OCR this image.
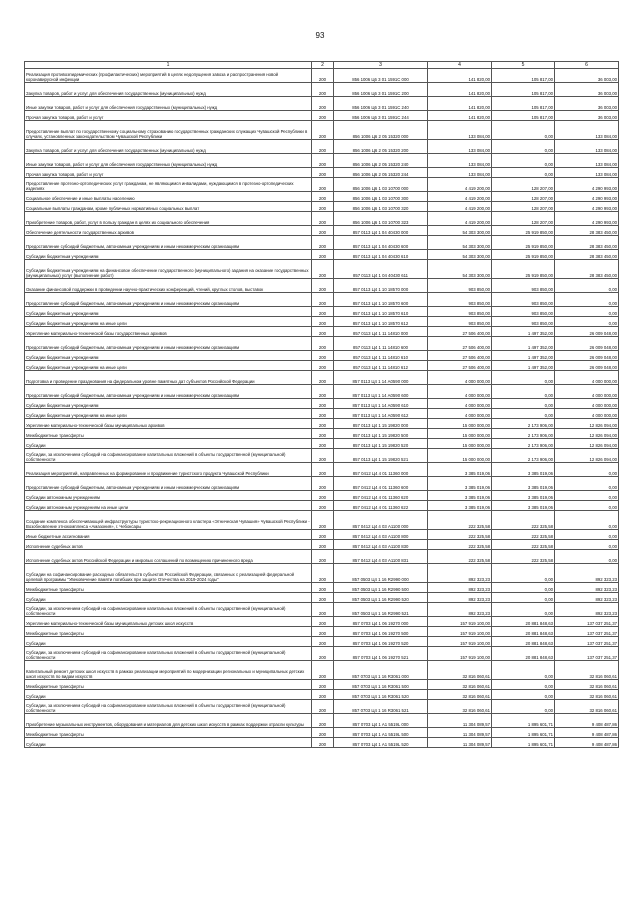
93
1	2	3	4	5	6
Реализация противоэпидемических (профилактических) мероприятий в целях недопущения завоза и распространения новой коронавирусной инфекции	200	856 1006 Ц6 3 01 1591C 000	141 820,00	105 817,00	36 003,00
Закупка товаров, работ и услуг для обеспечения государственных (муниципальных) нужд	200	856 1006 Ц6 3 01 1591C 200	141 820,00	105 817,00	36 003,00
Иные закупки товаров, работ и услуг для обеспечения государственных (муниципальных) нужд	200	856 1006 Ц6 3 01 1591C 240	141 820,00	105 817,00	36 003,00
Прочая закупка товаров, работ и услуг	200	856 1006 Ц6 3 01 1591C 244	141 820,00	105 817,00	36 003,00
Предоставление выплат по государственному социальному страхованию государственных гражданских служащих Чувашской Республики в случаях, установленных законодательством Чувашской Республики	200	856 1006 Ц6 2 05 15320 000	133 084,00	0,00	133 084,00
Закупка товаров, работ и услуг для обеспечения государственных (муниципальных) нужд	200	856 1006 Ц6 2 05 15320 200	133 084,00	0,00	133 084,00
Иные закупки товаров, работ и услуг для обеспечения государственных (муниципальных) нужд	200	856 1006 Ц6 2 05 15320 240	133 084,00	0,00	133 084,00
Прочая закупка товаров, работ и услуг	200	856 1006 Ц6 2 05 15320 244	133 084,00	0,00	133 084,00
Предоставление протезно-ортопедических услуг гражданам, не являющимся инвалидами, нуждающимся в протезно-ортопедических изделиях	200	856 1006 Ц6 1 03 10700 000	4 419 200,00	128 207,00	4 290 993,00
Социальное обеспечение и иные выплаты населению	200	856 1006 Ц6 1 03 10700 300	4 419 200,00	128 207,00	4 290 993,00
Социальные выплаты гражданам, кроме публичных нормативных социальных выплат	200	856 1006 Ц6 1 03 10700 320	4 419 200,00	128 207,00	4 290 993,00
Приобретение товаров, работ, услуг в пользу граждан в целях их социального обеспечения	200	856 1006 Ц6 1 03 10700 323	4 419 200,00	128 207,00	4 290 993,00
Обеспечение деятельности государственных архивов	200	857 0113 Ц4 1 04 40430 000	54 303 300,00	25 919 850,00	28 383 450,00
Предоставление субсидий бюджетным, автономным учреждениям и иным некоммерческим организациям	200	857 0113 Ц4 1 04 40430 600	54 303 300,00	25 919 850,00	28 383 450,00
Субсидии бюджетным учреждениям	200	857 0113 Ц4 1 04 40430 610	54 303 300,00	25 919 850,00	28 383 450,00
Субсидии бюджетным учреждениям на финансовое обеспечение государственного (муниципального) задания на оказание государственных (муниципальных) услуг (выполнение работ)	200	857 0113 Ц4 1 04 40430 611	54 303 300,00	25 919 850,00	28 383 450,00
Оказание финансовой поддержки в проведении научно-практических конференций, чтений, круглых столов, выставок	200	857 0113 Ц4 1 10 18570 000	903 850,00	903 850,00	0,00
Предоставление субсидий бюджетным, автономным учреждениям и иным некоммерческим организациям	200	857 0113 Ц4 1 10 18570 600	903 850,00	903 850,00	0,00
Субсидии бюджетным учреждениям	200	857 0113 Ц4 1 10 18570 610	903 850,00	903 850,00	0,00
Субсидии бюджетным учреждениям на иные цели	200	857 0113 Ц4 1 10 18570 612	903 850,00	903 850,00	0,00
Укрепление материально-технической базы государственных архивов	200	857 0113 Ц4 1 11 14810 000	27 506 400,00	1 497 352,00	26 009 048,00
Предоставление субсидий бюджетным, автономным учреждениям и иным некоммерческим организациям	200	857 0113 Ц4 1 11 14810 600	27 506 400,00	1 497 352,00	26 009 048,00
Субсидии бюджетным учреждениям	200	857 0113 Ц4 1 11 14810 610	27 506 400,00	1 497 352,00	26 009 048,00
Субсидии бюджетным учреждениям на иные цели	200	857 0113 Ц4 1 11 14810 612	27 506 400,00	1 497 352,00	26 009 048,00
Подготовка и проведение празднования на федеральном уровне памятных дат субъектов Российской Федерации	200	857 0113 Ц4 1 14 А0590 000	4 000 000,00	0,00	4 000 000,00
Предоставление субсидий бюджетным, автономным учреждениям и иным некоммерческим организациям	200	857 0113 Ц4 1 14 А0590 600	4 000 000,00	0,00	4 000 000,00
Субсидии бюджетным учреждениям	200	857 0113 Ц4 1 14 А0590 610	4 000 000,00	0,00	4 000 000,00
Субсидии бюджетным учреждениям на иные цели	200	857 0113 Ц4 1 14 А0590 612	4 000 000,00	0,00	4 000 000,00
Укрепление материально-технической базы муниципальных архивов	200	857 0113 Ц4 1 15 19820 000	15 000 000,00	2 173 906,00	12 826 094,00
Межбюджетные трансферты	200	857 0113 Ц4 1 15 19820 500	15 000 000,00	2 173 906,00	12 826 094,00
Субсидии	200	857 0113 Ц4 1 15 19820 520	15 000 000,00	2 173 906,00	12 826 094,00
Субсидии, за исключением субсидий на софинансирование капитальных вложений в объекты государственной (муниципальной) собственности	200	857 0113 Ц4 1 15 19820 521	15 000 000,00	2 173 906,00	12 826 094,00
Реализация мероприятий, направленных на формирование и продвижение туристского продукта Чувашской Республики	200	857 0412 Ц4 4 01 11360 000	3 385 019,06	3 385 019,06	0,00
Предоставление субсидий бюджетным, автономным учреждениям и иным некоммерческим организациям	200	857 0412 Ц4 4 01 11360 600	3 385 019,06	3 385 019,06	0,00
Субсидии автономным учреждениям	200	857 0412 Ц4 4 01 11360 620	3 385 019,06	3 385 019,06	0,00
Субсидии автономным учреждениям на иные цели	200	857 0412 Ц4 4 01 11360 622	3 385 019,06	3 385 019,06	0,00
Создание комплекса обеспечивающей инфраструктуры туристско-рекреационного кластера «Этническая Чувашия» Чувашской Республики - Возобновление этнокомплекса «Амазония», г. Чебоксары	200	857 0412 Ц4 4 03 А1100 000	222 325,58	222 325,58	0,00
Иные бюджетные ассигнования	200	857 0412 Ц4 4 03 А1100 800	222 325,58	222 325,58	0,00
Исполнение судебных актов	200	857 0412 Ц4 4 03 А1100 830	222 325,58	222 325,58	0,00
Исполнение судебных актов Российской Федерации и мировых соглашений по возмещению причиненного вреда	200	857 0412 Ц4 4 03 А1100 831	222 325,58	222 325,58	0,00
Субсидии на софинансирование расходных обязательств субъектов Российской Федерации, связанных с реализацией федеральной целевой программы "Увековечение памяти погибших при защите Отечества на 2019-2024 годы"	200	857 0503 Ц4 1 16 R2990 000	892 323,23	0,00	892 323,23
Межбюджетные трансферты	200	857 0503 Ц4 1 16 R2990 500	892 323,23	0,00	892 323,23
Субсидии	200	857 0503 Ц4 1 16 R2990 520	892 323,23	0,00	892 323,23
Субсидии, за исключением субсидий на софинансирование капитальных вложений в объекты государственной (муниципальной) собственности	200	857 0503 Ц4 1 16 R2990 521	892 323,23	0,00	892 323,23
Укрепление материально-технической базы муниципальных детских школ искусств	200	857 0703 Ц4 1 06 19270 000	157 919 100,00	20 881 848,63	137 037 251,37
Межбюджетные трансферты	200	857 0703 Ц4 1 06 19270 500	157 919 100,00	20 881 848,63	137 037 251,37
Субсидии	200	857 0703 Ц4 1 06 19270 520	157 919 100,00	20 881 848,63	137 037 251,37
Субсидии, за исключением субсидий на софинансирование капитальных вложений в объекты государственной (муниципальной) собственности	200	857 0703 Ц4 1 06 19270 521	157 919 100,00	20 881 848,63	137 037 251,37
Капитальный ремонт детских школ искусств в рамках реализации мероприятий по модернизации региональных и муниципальных детских школ искусств по видам искусств	200	857 0703 Ц4 1 16 R3061 000	32 816 060,61	0,00	32 816 060,61
Межбюджетные трансферты	200	857 0703 Ц4 1 16 R3061 500	32 816 060,61	0,00	32 816 060,61
Субсидии	200	857 0703 Ц4 1 16 R3061 520	32 816 060,61	0,00	32 816 060,61
Субсидии, за исключением субсидий на софинансирование капитальных вложений в объекты государственной (муниципальной) собственности	200	857 0703 Ц4 1 16 R3061 521	32 816 060,61	0,00	32 816 060,61
Приобретение музыкальных инструментов, оборудования и материалов для детских школ искусств в рамках поддержки отрасли культуры	200	857 0703 Ц4 1 А1 5519L 000	11 304 089,57	1 895 601,71	9 408 487,86
Межбюджетные трансферты	200	857 0703 Ц4 1 А1 5519L 500	11 304 089,57	1 895 601,71	9 408 487,86
Субсидии	200	857 0703 Ц4 1 А1 5519L 520	11 304 089,57	1 895 601,71	9 408 487,86
